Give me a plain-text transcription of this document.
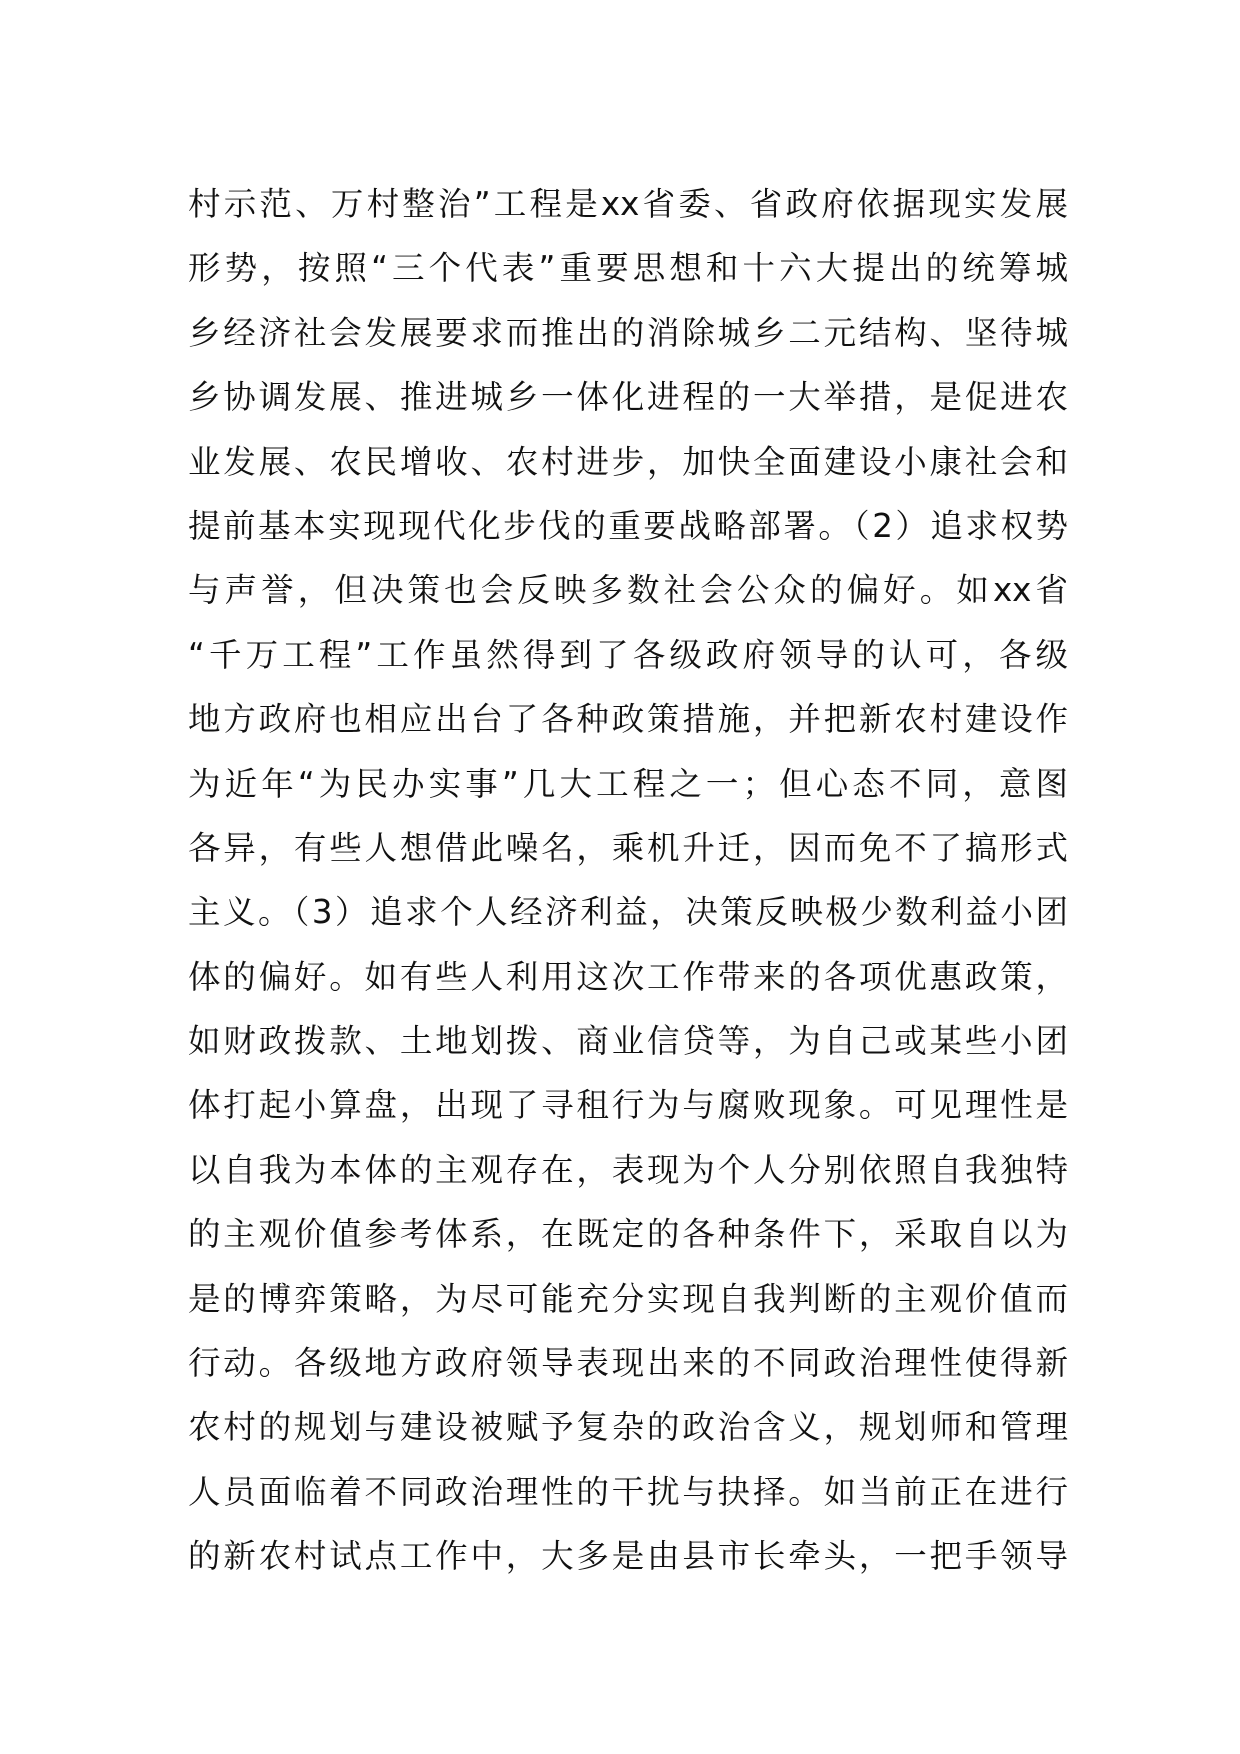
村示范、万村整治”工程是xx省委、省政府依据现实发展
形势，按照“三个代表”重要思想和十六大提出的统筹城
乡经济社会发展要求而推出的消除城乡二元结构、坚待城
乡协调发展、推进城乡一体化进程的一大举措，是促进农
业发展、农民增收、农村进步，加快全面建设小康社会和
提前基本实现现代化步伐的重要战略部署。（2）追求权势
与声誉，但决策也会反映多数社会公众的偏好。如xx省
“千万工程”工作虽然得到了各级政府领导的认可，各级
地方政府也相应出台了各种政策措施，并把新农村建设作
为近年“为民办实事”几大工程之一；但心态不同，意图
各异，有些人想借此噪名，乘机升迁，因而免不了搞形式
主义。（3）追求个人经济利益，决策反映极少数利益小团
体的偏好。如有些人利用这次工作带来的各项优惠政策，
如财政拨款、土地划拨、商业信贷等，为自己或某些小团
体打起小算盘，出现了寻租行为与腐败现象。可见理性是
以自我为本体的主观存在，表现为个人分别依照自我独特
的主观价值参考体系，在既定的各种条件下，采取自以为
是的博弈策略，为尽可能充分实现自我判断的主观价值而
行动。各级地方政府领导表现出来的不同政治理性使得新
农村的规划与建设被赋予复杂的政治含义，规划师和管理
人员面临着不同政治理性的干扰与抉择。如当前正在进行
的新农村试点工作中，大多是由县市长牵头，一把手领导
